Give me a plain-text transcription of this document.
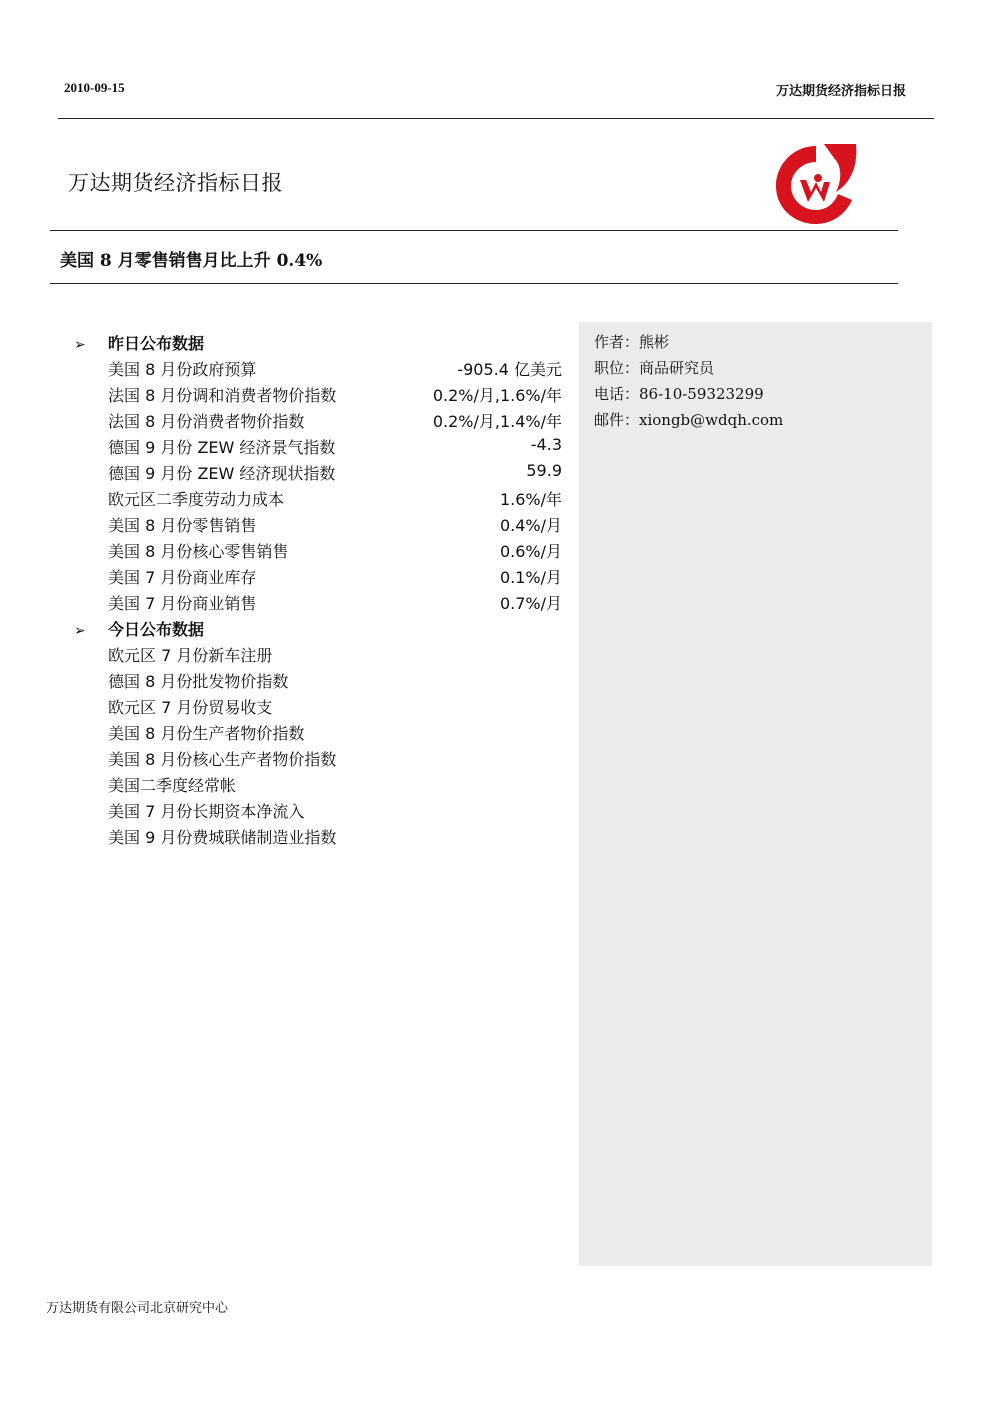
2010-09-15	万达期货经济指标日报
万达期货经济指标日报
美国 8 月零售销售月比上升 0.4%
作者：熊彬
职位：商品研究员
电话：86-10-59323299
邮件：xiongb@wdqh.com
➢ 昨日公布数据
美国 8 月份政府预算	-905.4 亿美元
法国 8 月份调和消费者物价指数	0.2%/月,1.6%/年
法国 8 月份消费者物价指数	0.2%/月,1.4%/年
德国 9 月份 ZEW 经济景气指数	-4.3
德国 9 月份 ZEW 经济现状指数	59.9
欧元区二季度劳动力成本	1.6%/年
美国 8 月份零售销售	0.4%/月
美国 8 月份核心零售销售	0.6%/月
美国 7 月份商业库存	0.1%/月
美国 7 月份商业销售	0.7%/月
➢ 今日公布数据
欧元区 7 月份新车注册
德国 8 月份批发物价指数
欧元区 7 月份贸易收支
美国 8 月份生产者物价指数
美国 8 月份核心生产者物价指数
美国二季度经常帐
美国 7 月份长期资本净流入
美国 9 月份费城联储制造业指数
万达期货有限公司北京研究中心
